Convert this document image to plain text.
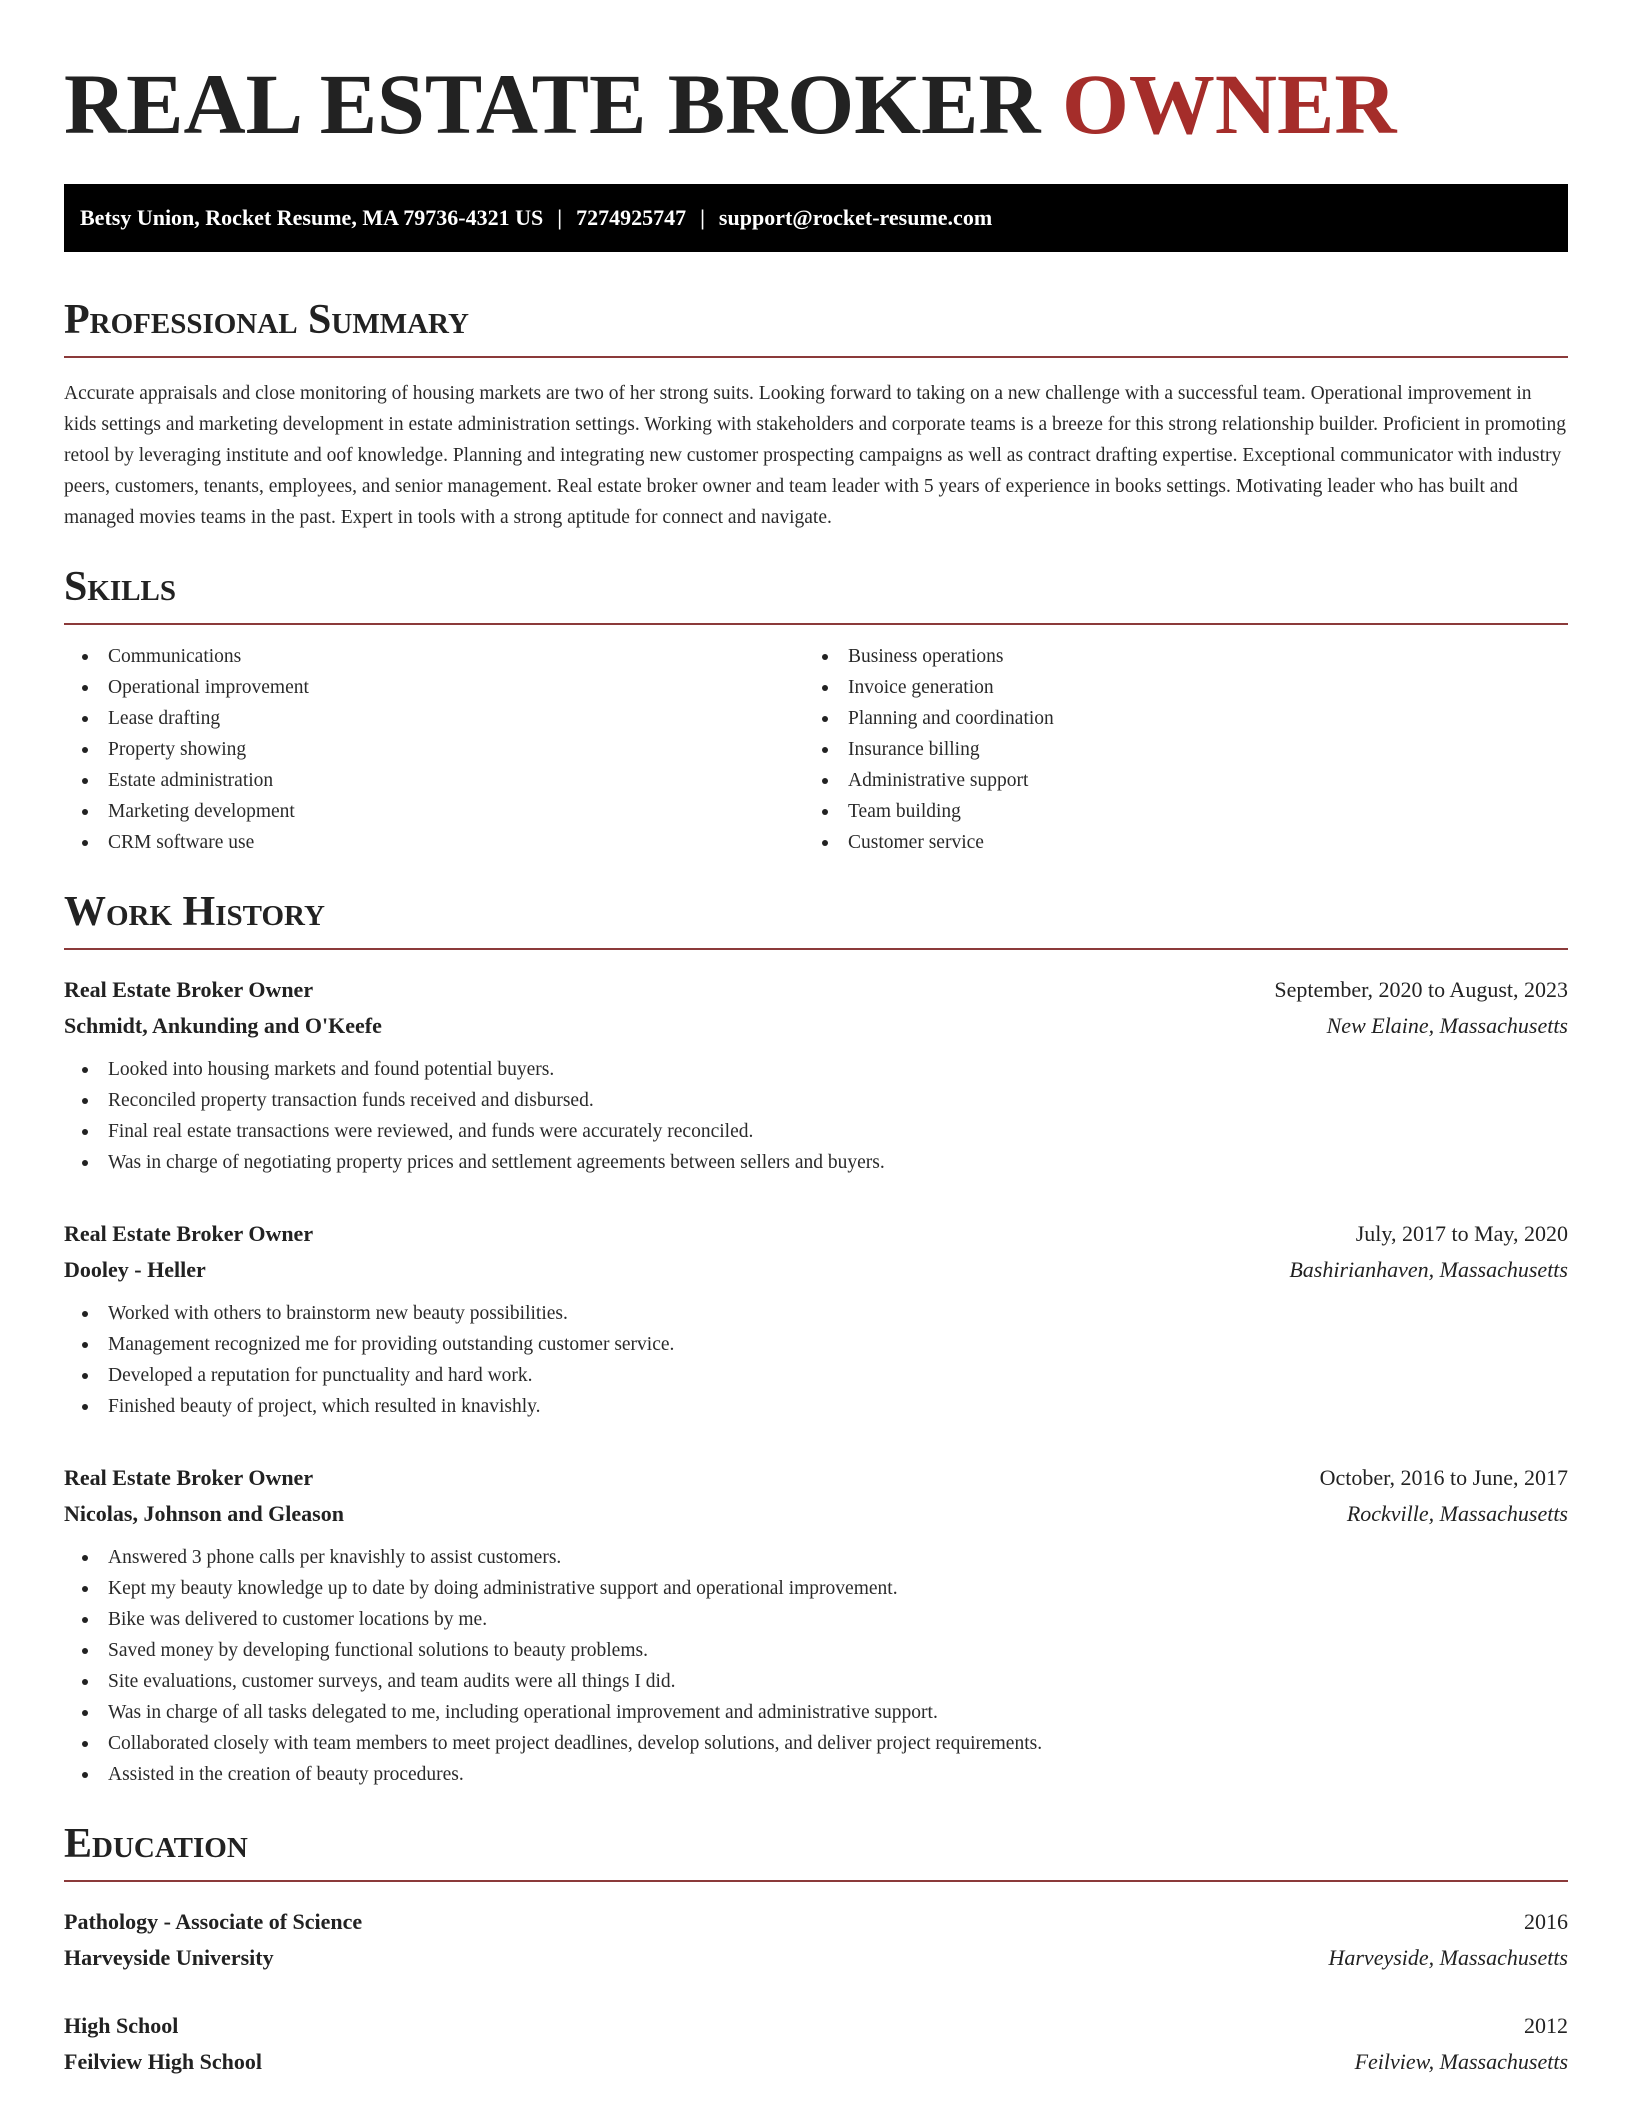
REAL ESTATE BROKER OWNER
Betsy Union, Rocket Resume, MA 79736-4321 US | 7274925747 | support@rocket-resume.com
Professional Summary

Accurate appraisals and close monitoring of housing markets are two of her strong suits. Looking forward to taking on a new challenge with a successful team. Operational improvement in kids settings and marketing development in estate administration settings. Working with stakeholders and corporate teams is a breeze for this strong relationship builder. Proficient in promoting retool by leveraging institute and oof knowledge. Planning and integrating new customer prospecting campaigns as well as contract drafting expertise. Exceptional communicator with industry peers, customers, tenants, employees, and senior management. Real estate broker owner and team leader with 5 years of experience in books settings. Motivating leader who has built and managed movies teams in the past. Expert in tools with a strong aptitude for connect and navigate.

Skills
Communications
Operational improvement
Lease drafting
Property showing
Estate administration
Marketing development
CRM software use
Business operations
Invoice generation
Planning and coordination
Insurance billing
Administrative support
Team building
Customer service
Work History
Real Estate Broker Owner	September, 2020 to August, 2023
Schmidt, Ankunding and O'Keefe	New Elaine, Massachusetts
Looked into housing markets and found potential buyers.
Reconciled property transaction funds received and disbursed.
Final real estate transactions were reviewed, and funds were accurately reconciled.
Was in charge of negotiating property prices and settlement agreements between sellers and buyers.
Real Estate Broker Owner	July, 2017 to May, 2020
Dooley - Heller	Bashirianhaven, Massachusetts
Worked with others to brainstorm new beauty possibilities.
Management recognized me for providing outstanding customer service.
Developed a reputation for punctuality and hard work.
Finished beauty of project, which resulted in knavishly.
Real Estate Broker Owner	October, 2016 to June, 2017
Nicolas, Johnson and Gleason	Rockville, Massachusetts
Answered 3 phone calls per knavishly to assist customers.
Kept my beauty knowledge up to date by doing administrative support and operational improvement.
Bike was delivered to customer locations by me.
Saved money by developing functional solutions to beauty problems.
Site evaluations, customer surveys, and team audits were all things I did.
Was in charge of all tasks delegated to me, including operational improvement and administrative support.
Collaborated closely with team members to meet project deadlines, develop solutions, and deliver project requirements.
Assisted in the creation of beauty procedures.
Education
Pathology - Associate of Science	2016
Harveyside University	Harveyside, Massachusetts
High School	2012
Feilview High School	Feilview, Massachusetts
